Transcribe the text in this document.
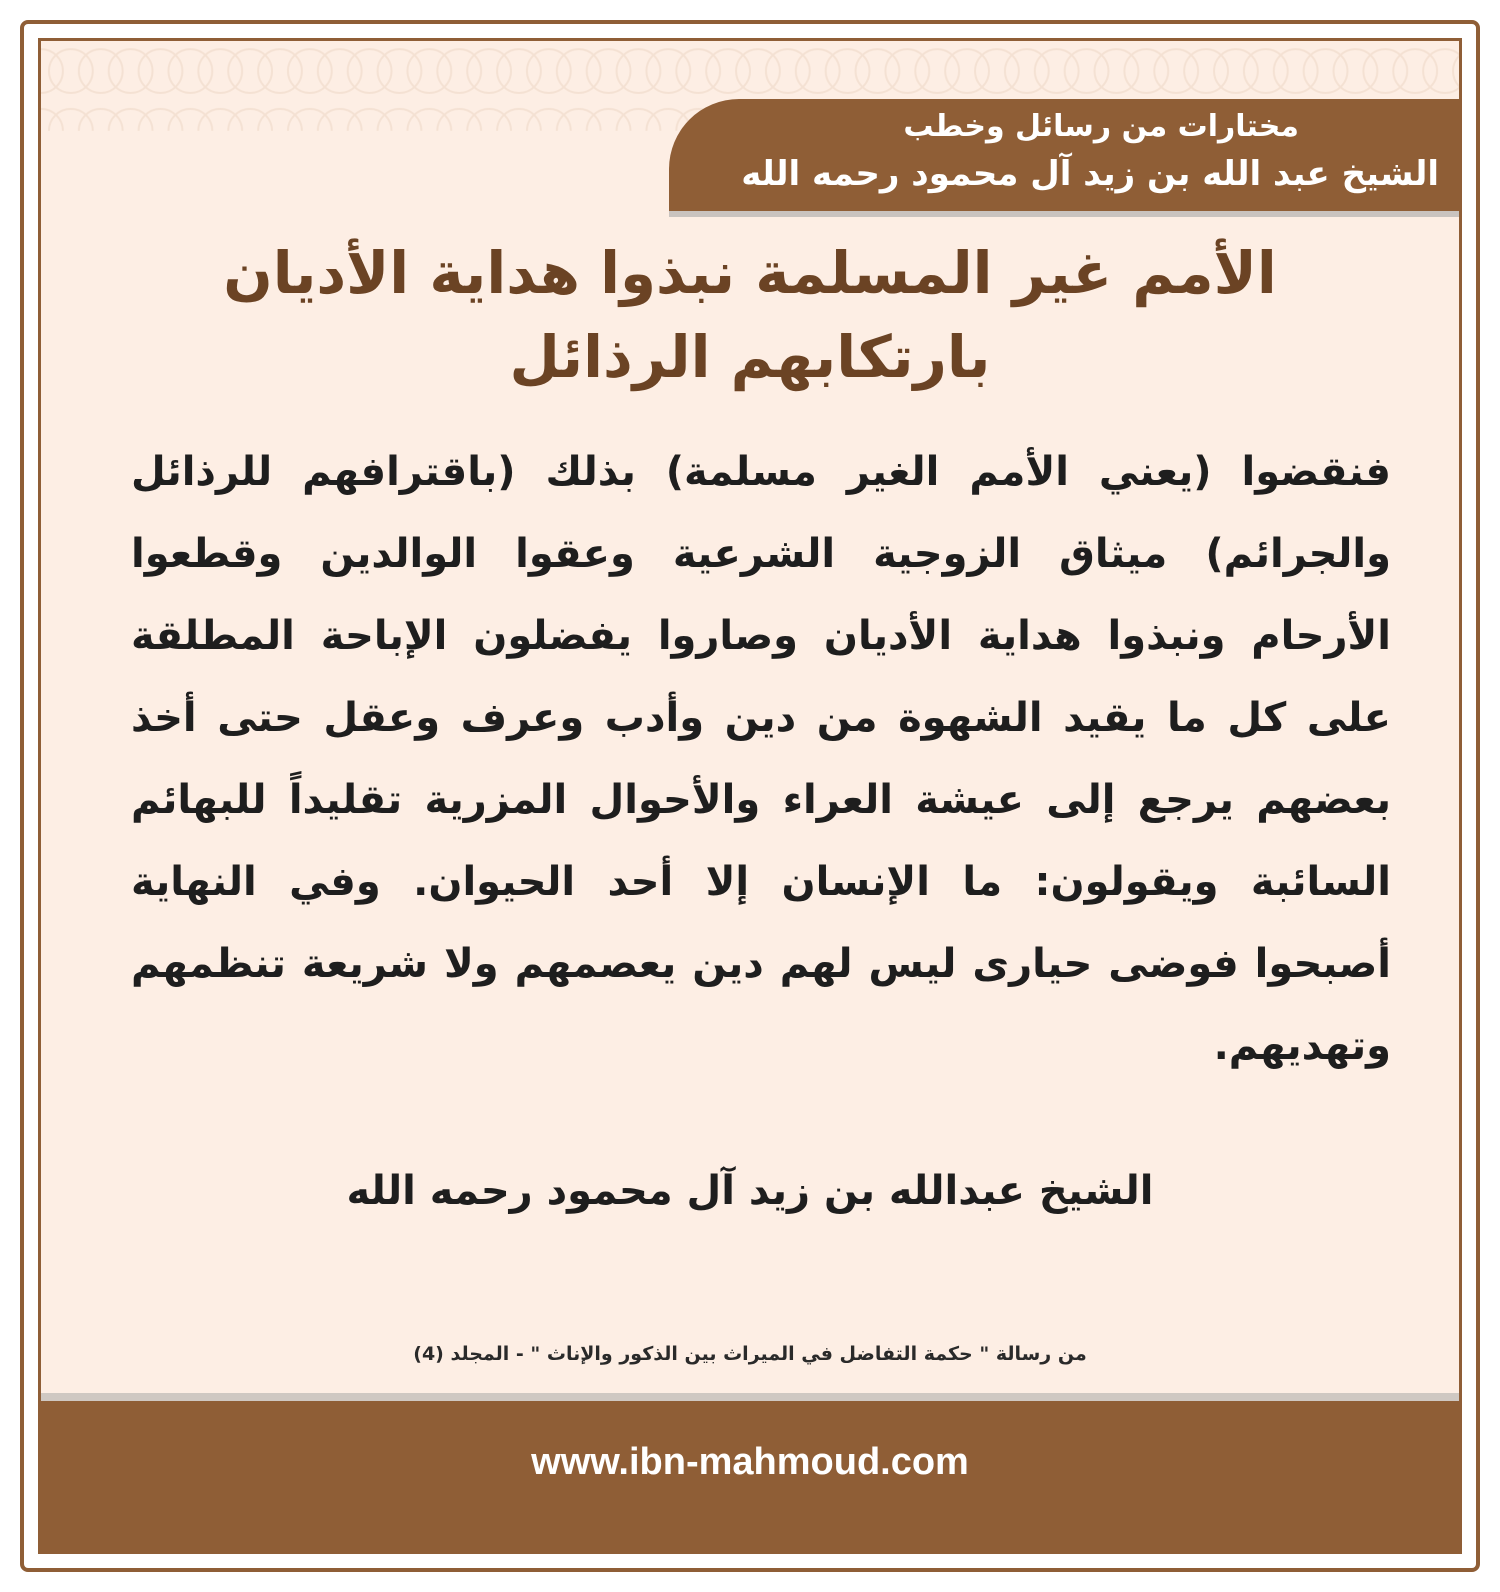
مختارات من رسائل وخطب
الشيخ عبد الله بن زيد آل محمود رحمه الله
الأمم غير المسلمة نبذوا هداية الأديان
بارتكابهم الرذائل
فنقضوا (يعني الأمم الغير مسلمة) بذلك (باقترافهم للرذائل والجرائم) ميثاق الزوجية الشرعية وعقوا الوالدين وقطعوا الأرحام ونبذوا هداية الأديان وصاروا يفضلون الإباحة المطلقة على كل ما يقيد الشهوة من دين وأدب وعرف وعقل حتى أخذ بعضهم يرجع إلى عيشة العراء والأحوال المزرية تقليداً للبهائم السائبة ويقولون: ما الإنسان إلا أحد الحيوان. وفي النهاية أصبحوا فوضى حيارى ليس لهم دين يعصمهم ولا شريعة تنظمهم وتهديهم.
الشيخ عبدالله بن زيد آل محمود رحمه الله
من رسالة " حكمة التفاضل في الميراث بين الذكور والإناث " - المجلد (4)
www.ibn-mahmoud.com
